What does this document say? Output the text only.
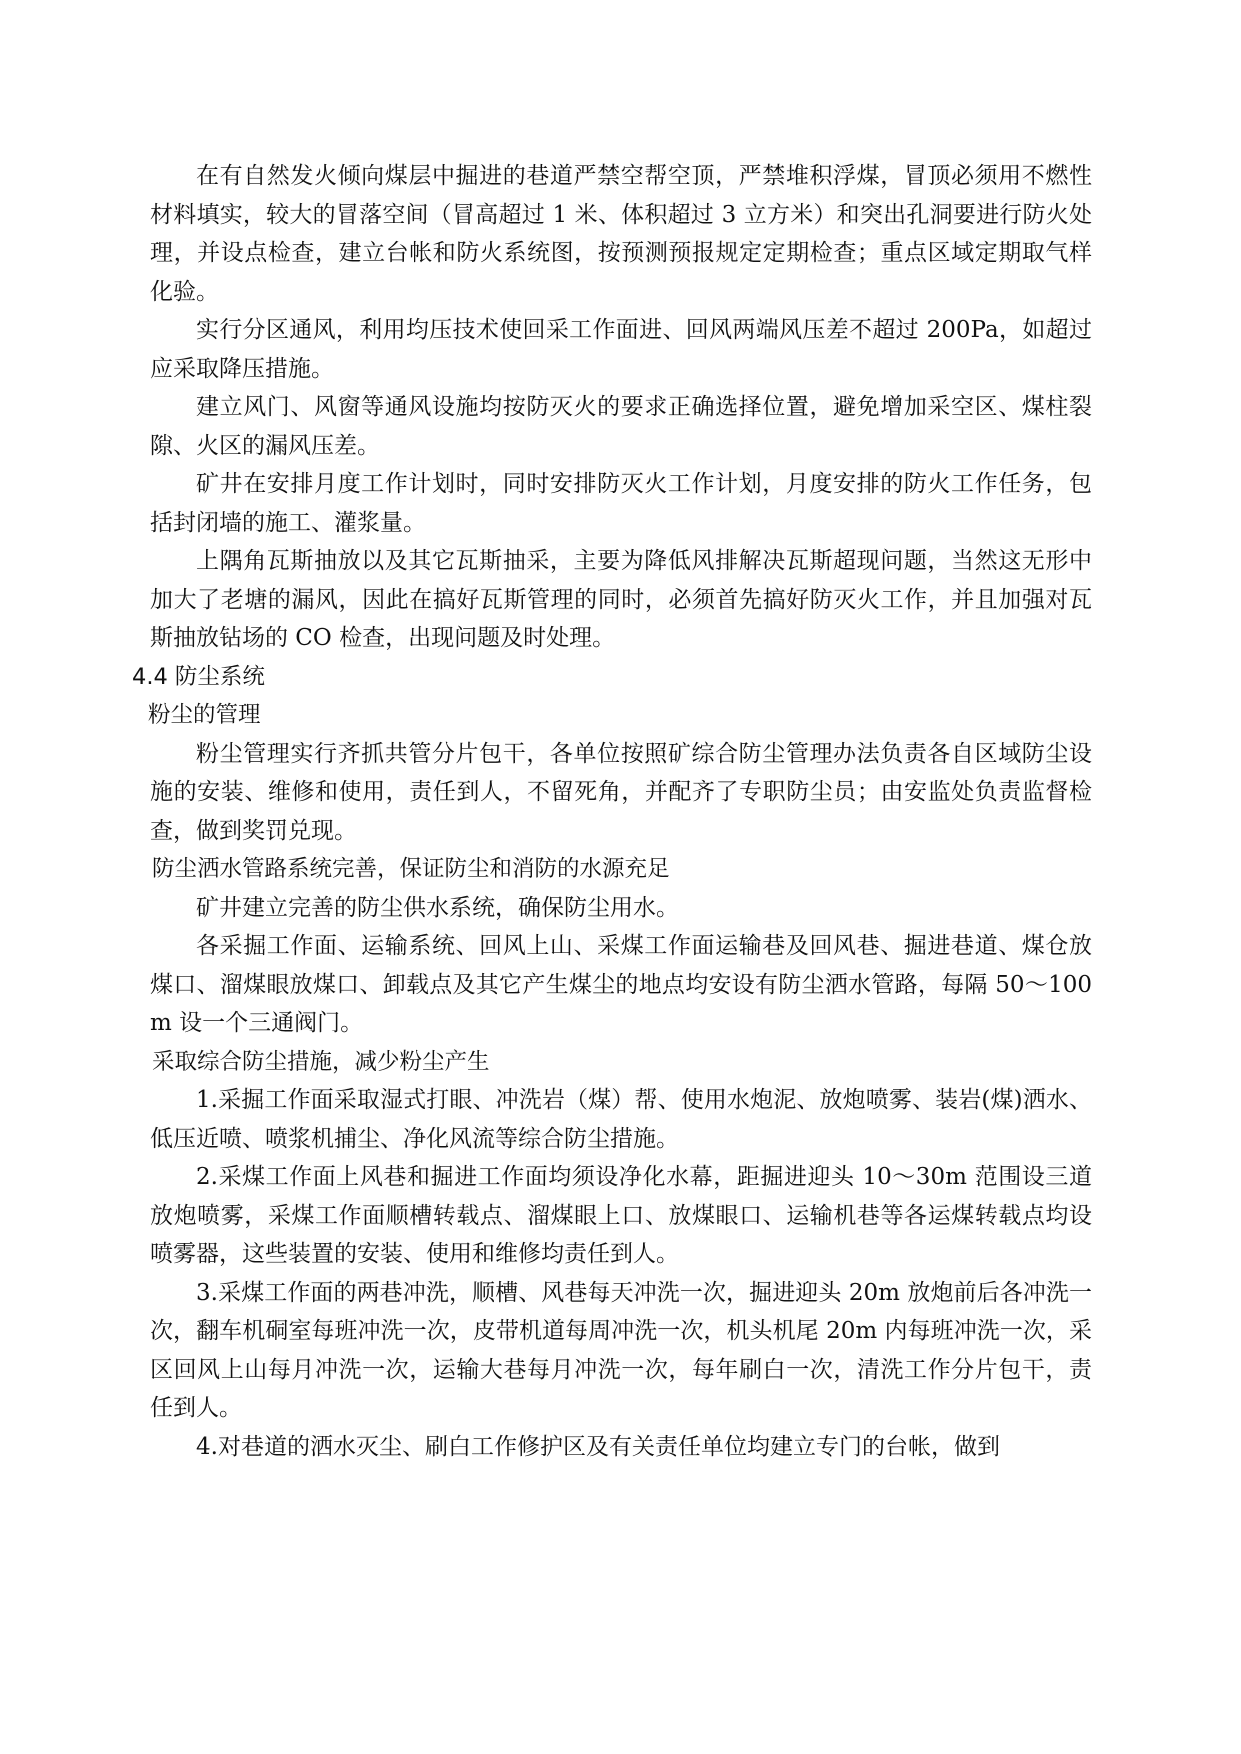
在有自然发火倾向煤层中掘进的巷道严禁空帮空顶，严禁堆积浮煤，冒顶必须用不燃性材料填实，较大的冒落空间（冒高超过 1 米、体积超过 3 立方米）和突出孔洞要进行防火处理，并设点检查，建立台帐和防火系统图，按预测预报规定定期检查；重点区域定期取气样化验。

实行分区通风，利用均压技术使回采工作面进、回风两端风压差不超过 200Pa，如超过应采取降压措施。

建立风门、风窗等通风设施均按防灭火的要求正确选择位置，避免增加采空区、煤柱裂隙、火区的漏风压差。

矿井在安排月度工作计划时，同时安排防灭火工作计划，月度安排的防火工作任务，包括封闭墙的施工、灌浆量。

上隅角瓦斯抽放以及其它瓦斯抽采，主要为降低风排解决瓦斯超现问题，当然这无形中加大了老塘的漏风，因此在搞好瓦斯管理的同时，必须首先搞好防灭火工作，并且加强对瓦斯抽放钻场的 CO 检查，出现问题及时处理。

4.4 防尘系统
粉尘的管理

粉尘管理实行齐抓共管分片包干，各单位按照矿综合防尘管理办法负责各自区域防尘设施的安装、维修和使用，责任到人，不留死角，并配齐了专职防尘员；由安监处负责监督检查，做到奖罚兑现。

防尘洒水管路系统完善，保证防尘和消防的水源充足

矿井建立完善的防尘供水系统，确保防尘用水。

各采掘工作面、运输系统、回风上山、采煤工作面运输巷及回风巷、掘进巷道、煤仓放煤口、溜煤眼放煤口、卸载点及其它产生煤尘的地点均安设有防尘洒水管路，每隔 50～100m 设一个三通阀门。

采取综合防尘措施，减少粉尘产生

1.采掘工作面采取湿式打眼、冲洗岩（煤）帮、使用水炮泥、放炮喷雾、装岩(煤)洒水、低压近喷、喷浆机捕尘、净化风流等综合防尘措施。

2.采煤工作面上风巷和掘进工作面均须设净化水幕，距掘进迎头 10～30m 范围设三道放炮喷雾，采煤工作面顺槽转载点、溜煤眼上口、放煤眼口、运输机巷等各运煤转载点均设喷雾器，这些装置的安装、使用和维修均责任到人。

3.采煤工作面的两巷冲洗，顺槽、风巷每天冲洗一次，掘进迎头 20m 放炮前后各冲洗一次，翻车机硐室每班冲洗一次，皮带机道每周冲洗一次，机头机尾 20m 内每班冲洗一次，采区回风上山每月冲洗一次，运输大巷每月冲洗一次，每年刷白一次，清洗工作分片包干，责任到人。

4.对巷道的洒水灭尘、刷白工作修护区及有关责任单位均建立专门的台帐，做到
